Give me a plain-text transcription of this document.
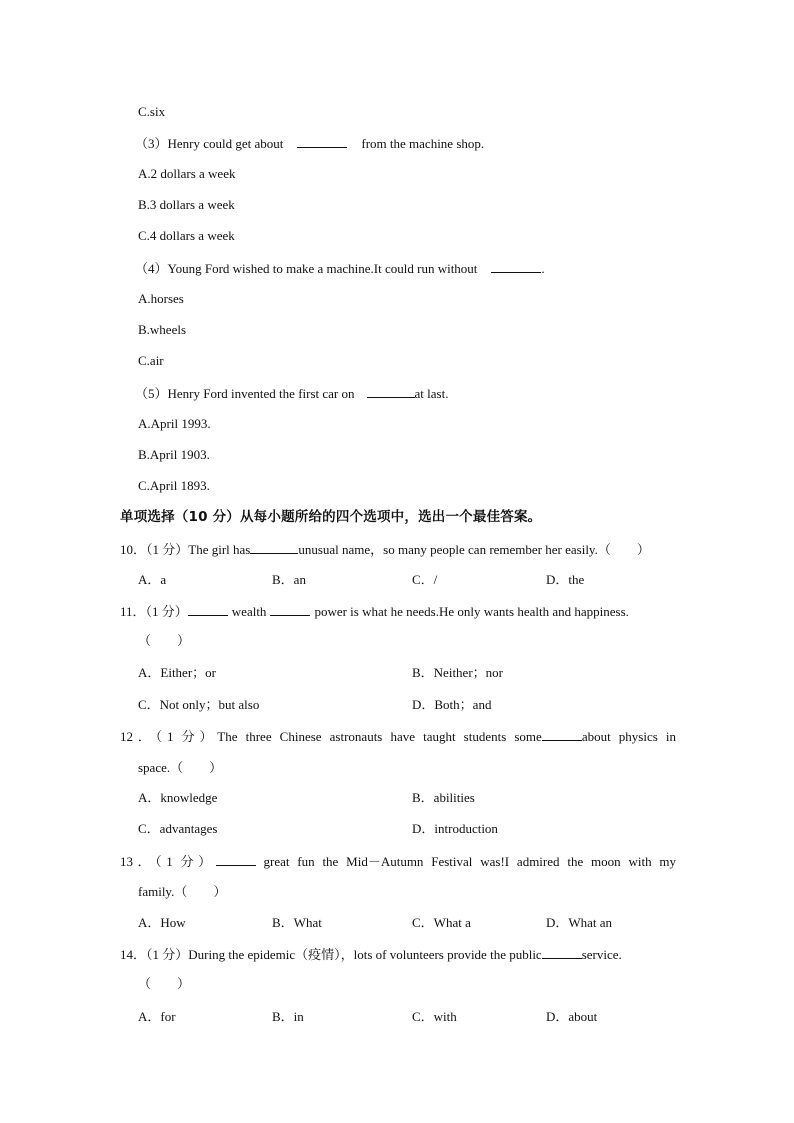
C.six
（3）Henry could get about	from the machine shop.
A.2 dollars a week
B.3 dollars a week
C.4 dollars a week
（4）Young Ford wished to make a machine.It could run without	.
A.horses
B.wheels
C.air
（5）Henry Ford invented the first car on	at last.
A.April 1993.
B.April 1903.
C.April 1893.
单项选择（10 分）从每小题所给的四个选项中，选出一个最佳答案。
10．（1 分）The girl has	unusual name，so many people can remember her easily.（　　）
A．a	B．an	C．/	D．the
11．（1 分）	wealth	power is what he needs.He only wants health and happiness.
（　　）
A．Either；or	B．Neither；nor
C．Not only；but also	D．Both；and
12．（1 分）The three Chinese astronauts have taught students some	about physics in
space.（　　）
A．knowledge	B．abilities
C．advantages	D．introduction
13．（1 分）	great fun the Mid－Autumn Festival was!I admired the moon with my
family.（　　）
A．How	B．What	C．What a	D．What an
14．（1 分）During the epidemic（疫情），lots of volunteers provide the public	service.
（　　）
A．for	B．in	C．with	D．about
